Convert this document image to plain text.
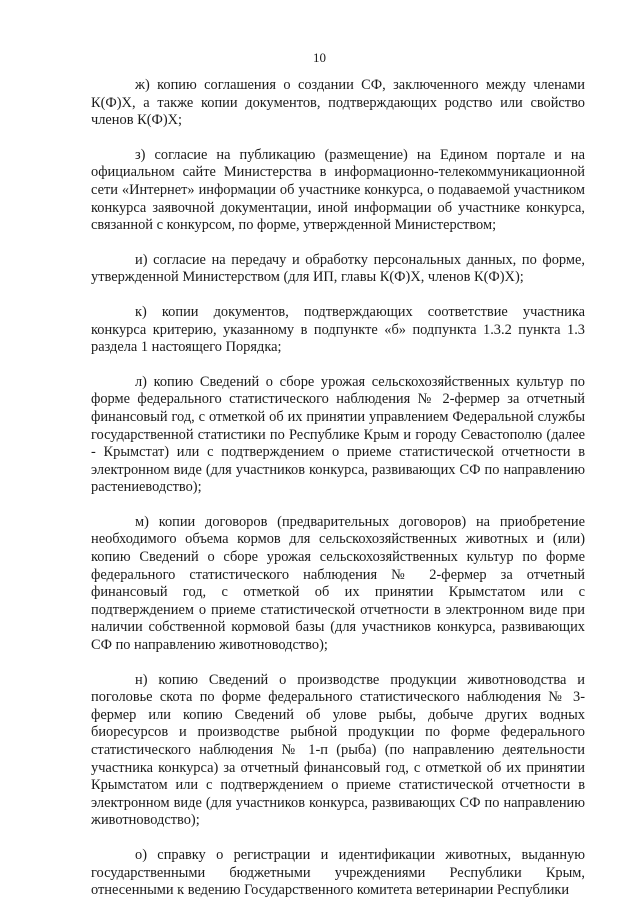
10

ж) копию соглашения о создании СФ, заключенного между членами К(Ф)Х, а также копии документов, подтверждающих родство или свойство членов К(Ф)Х;

з) согласие на публикацию (размещение) на Едином портале и на официальном сайте Министерства в информационно-телекоммуникационной сети «Интернет» информации об участнике конкурса, о подаваемой участником конкурса заявочной документации, иной информации об участнике конкурса, связанной с конкурсом, по форме, утвержденной Министерством;

и) согласие на передачу и обработку персональных данных, по форме, утвержденной Министерством (для ИП, главы К(Ф)Х, членов К(Ф)Х);

к) копии документов, подтверждающих соответствие участника конкурса критерию, указанному в подпункте «б» подпункта 1.3.2 пункта 1.3 раздела 1 настоящего Порядка;

л) копию Сведений о сборе урожая сельскохозяйственных культур по форме федерального статистического наблюдения № 2-фермер за отчетный финансовый год, с отметкой об их принятии управлением Федеральной службы государственной статистики по Республике Крым и городу Севастополю (далее - Крымстат) или с подтверждением о приеме статистической отчетности в электронном виде (для участников конкурса, развивающих СФ по направлению растениеводство);

м) копии договоров (предварительных договоров) на приобретение необходимого объема кормов для сельскохозяйственных животных и (или) копию Сведений о сборе урожая сельскохозяйственных культур по форме федерального статистического наблюдения № 2-фермер за отчетный финансовый год, с отметкой об их принятии Крымстатом или с подтверждением о приеме статистической отчетности в электронном виде при наличии собственной кормовой базы (для участников конкурса, развивающих СФ по направлению животноводство);

н) копию Сведений о производстве продукции животноводства и поголовье скота по форме федерального статистического наблюдения № 3-фермер или копию Сведений об улове рыбы, добыче других водных биоресурсов и производстве рыбной продукции по форме федерального статистического наблюдения № 1-п (рыба) (по направлению деятельности участника конкурса) за отчетный финансовый год, с отметкой об их принятии Крымстатом или с подтверждением о приеме статистической отчетности в электронном виде (для участников конкурса, развивающих СФ по направлению животноводство);

о) справку о регистрации и идентификации животных, выданную государственными бюджетными учреждениями Республики Крым, отнесенными к ведению Государственного комитета ветеринарии Республики
